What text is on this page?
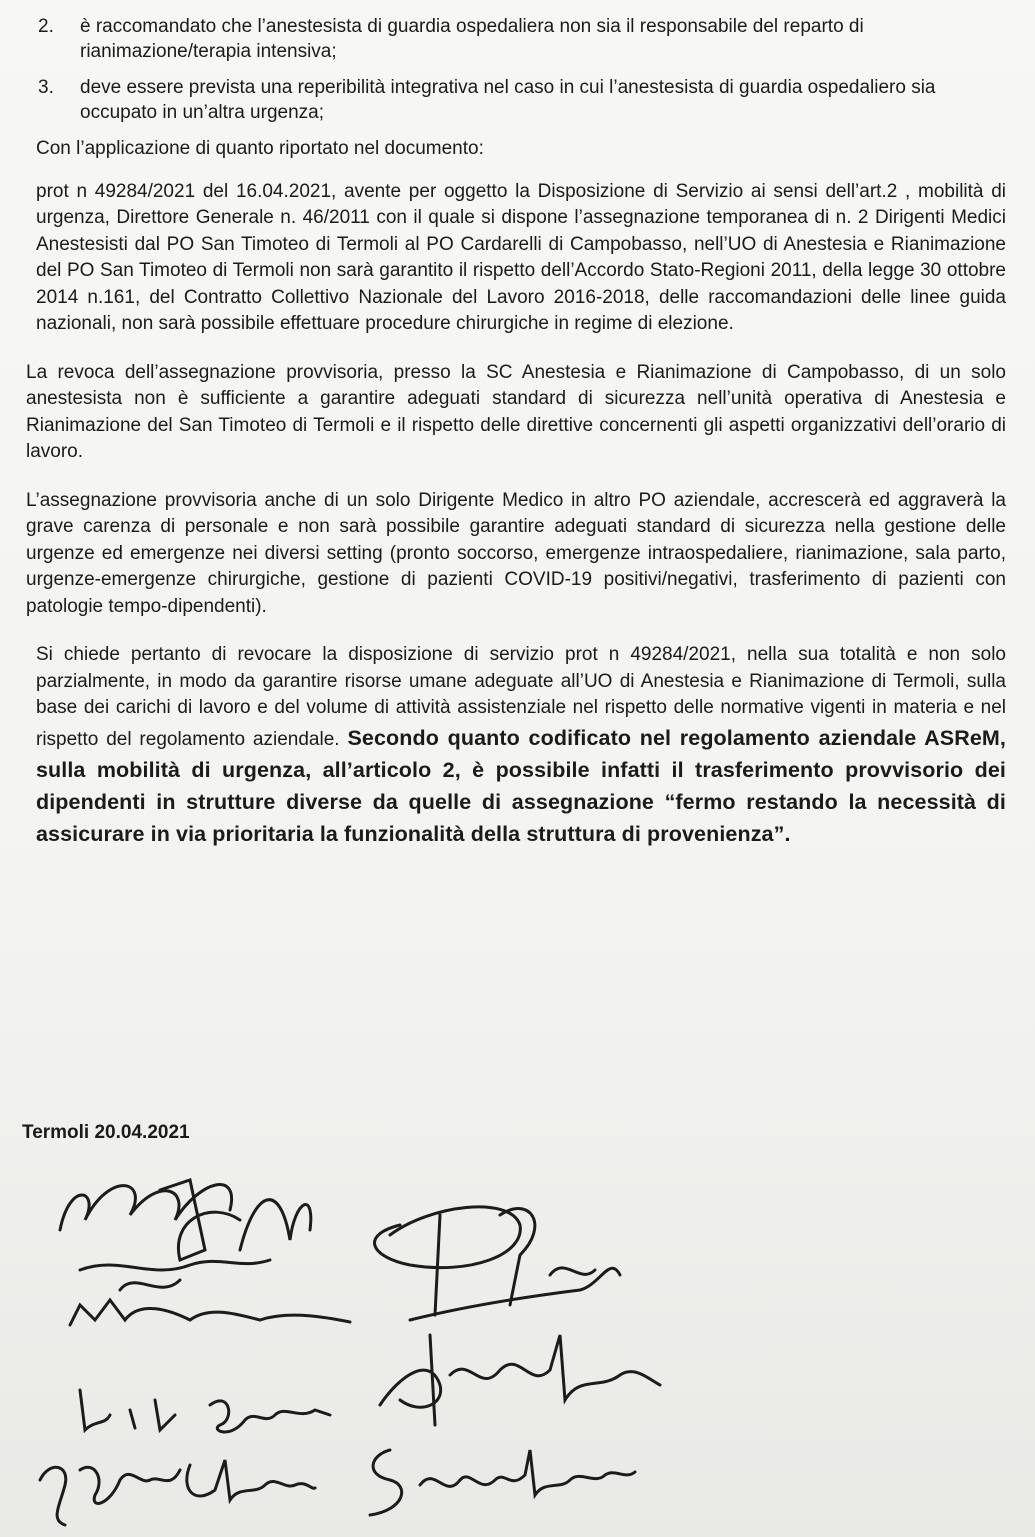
2.	è raccomandato che l’anestesista di guardia ospedaliera non sia il responsabile del reparto di rianimazione/terapia intensiva;
3.	deve essere prevista una reperibilità integrativa nel caso in cui l’anestesista di guardia ospedaliero sia occupato in un’altra urgenza;

Con l’applicazione di quanto riportato nel documento:

prot n 49284/2021 del 16.04.2021, avente per oggetto la Disposizione di Servizio ai sensi dell’art.2 , mobilità di urgenza, Direttore Generale n. 46/2011 con il quale si dispone l’assegnazione temporanea di n. 2 Dirigenti Medici Anestesisti dal PO San Timoteo di Termoli al PO Cardarelli di Campobasso, nell’UO di Anestesia e Rianimazione del PO San Timoteo di Termoli non sarà garantito il rispetto dell’Accordo Stato-Regioni 2011, della legge 30 ottobre 2014 n.161, del Contratto Collettivo Nazionale del Lavoro 2016-2018, delle raccomandazioni delle linee guida nazionali, non sarà possibile effettuare procedure chirurgiche in regime di elezione.

La revoca dell’assegnazione provvisoria, presso la SC Anestesia e Rianimazione di Campobasso, di un solo anestesista non è sufficiente a garantire adeguati standard di sicurezza nell’unità operativa di Anestesia e Rianimazione del San Timoteo di Termoli e il rispetto delle direttive concernenti gli aspetti organizzativi dell’orario di lavoro.

L’assegnazione provvisoria anche di un solo Dirigente Medico in altro PO aziendale, accrescerà ed aggraverà la grave carenza di personale e non sarà possibile garantire adeguati standard di sicurezza nella gestione delle urgenze ed emergenze nei diversi setting (pronto soccorso, emergenze intraospedaliere, rianimazione, sala parto, urgenze-emergenze chirurgiche, gestione di pazienti COVID-19 positivi/negativi, trasferimento di pazienti con patologie tempo-dipendenti).

Si chiede pertanto di revocare la disposizione di servizio prot n 49284/2021, nella sua totalità e non solo parzialmente, in modo da garantire risorse umane adeguate all’UO di Anestesia e Rianimazione di Termoli, sulla base dei carichi di lavoro e del volume di attività assistenziale nel rispetto delle normative vigenti in materia e nel rispetto del regolamento aziendale. Secondo quanto codificato nel regolamento aziendale ASReM, sulla mobilità di urgenza, all’articolo 2, è possibile infatti il trasferimento provvisorio dei dipendenti in strutture diverse da quelle di assegnazione “fermo restando la necessità di assicurare in via prioritaria la funzionalità della struttura di provenienza”.

Termoli 20.04.2021
